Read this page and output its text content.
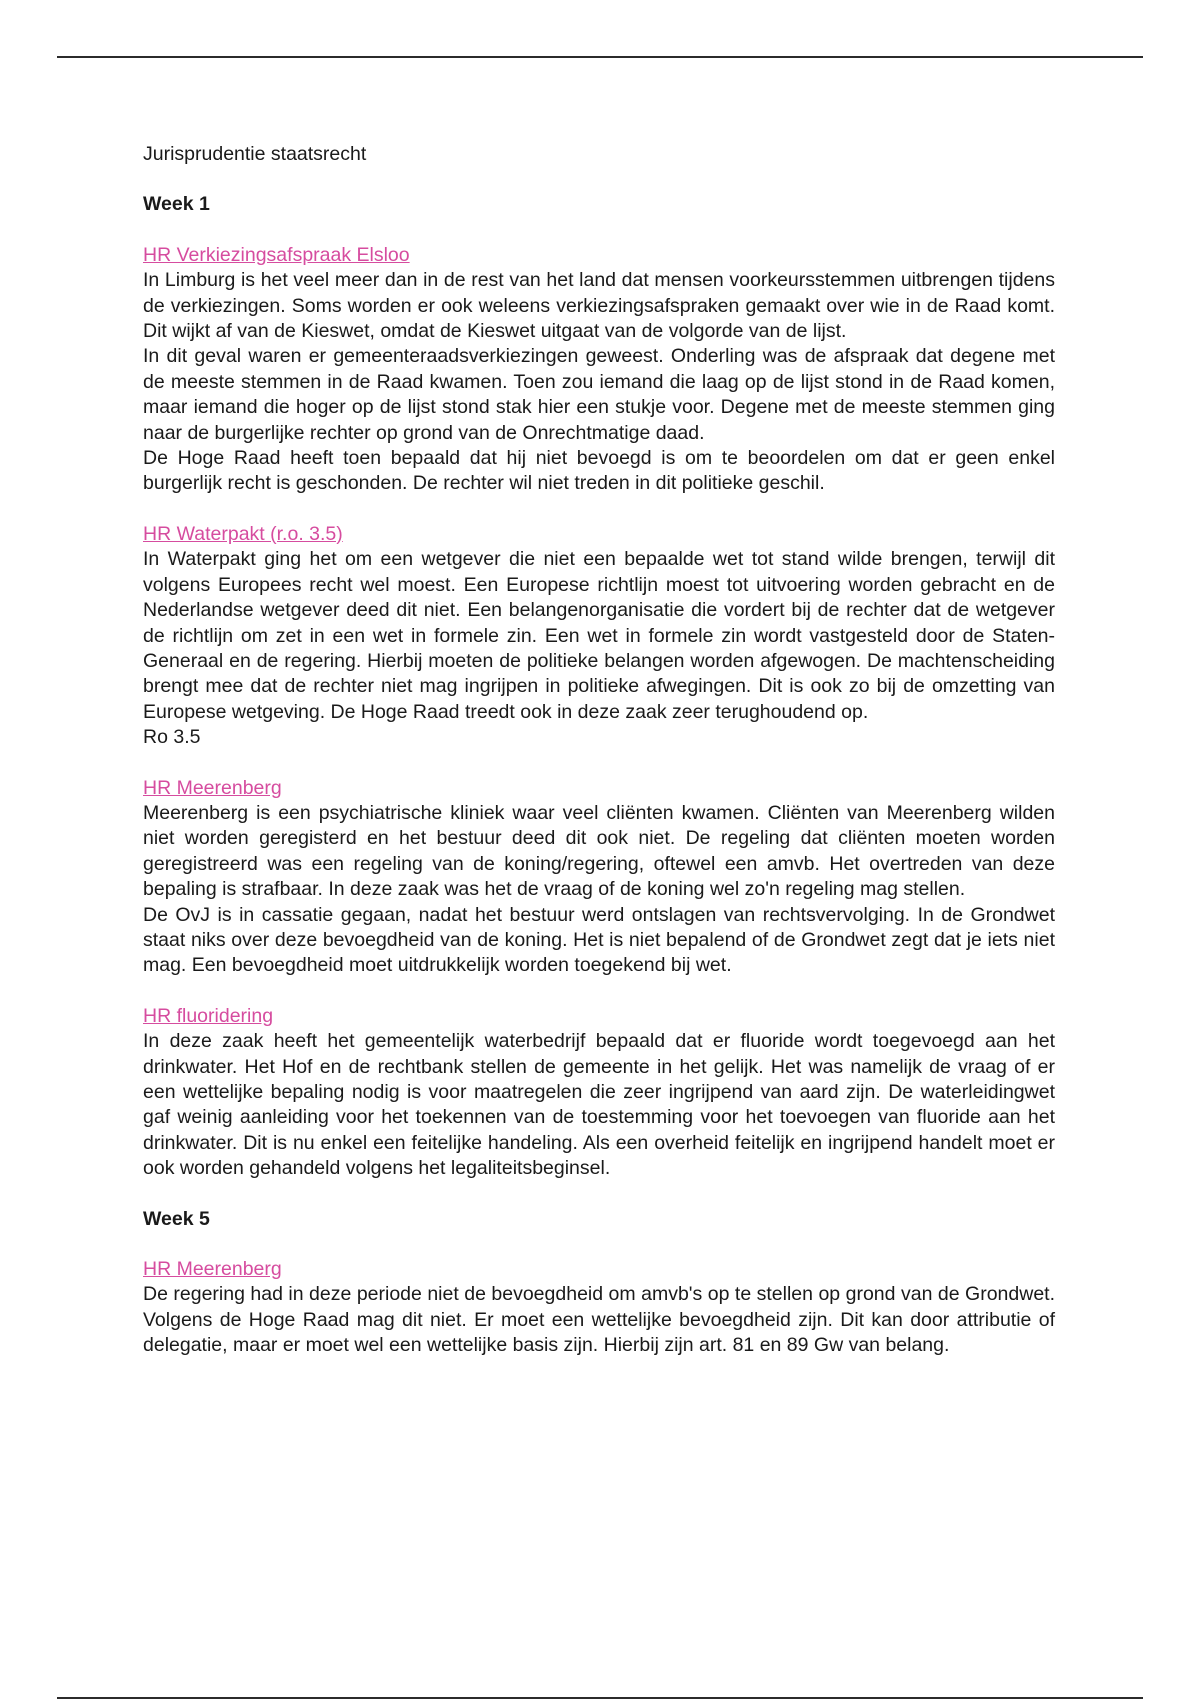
Jurisprudentie staatsrecht

Week 1

HR Verkiezingsafspraak Elsloo

In Limburg is het veel meer dan in de rest van het land dat mensen voorkeursstemmen uitbrengen tijdens de verkiezingen. Soms worden er ook weleens verkiezingsafspraken gemaakt over wie in de Raad komt. Dit wijkt af van de Kieswet, omdat de Kieswet uitgaat van de volgorde van de lijst.

In dit geval waren er gemeenteraadsverkiezingen geweest. Onderling was de afspraak dat degene met de meeste stemmen in de Raad kwamen. Toen zou iemand die laag op de lijst stond in de Raad komen, maar iemand die hoger op de lijst stond stak hier een stukje voor. Degene met de meeste stemmen ging naar de burgerlijke rechter op grond van de Onrechtmatige daad.

De Hoge Raad heeft toen bepaald dat hij niet bevoegd is om te beoordelen om dat er geen enkel burgerlijk recht is geschonden. De rechter wil niet treden in dit politieke geschil.

HR Waterpakt (r.o. 3.5)

In Waterpakt ging het om een wetgever die niet een bepaalde wet tot stand wilde brengen, terwijl dit volgens Europees recht wel moest. Een Europese richtlijn moest tot uitvoering worden gebracht en de Nederlandse wetgever deed dit niet. Een belangenorganisatie die vordert bij de rechter dat de wetgever de richtlijn om zet in een wet in formele zin. Een wet in formele zin wordt vastgesteld door de Staten-Generaal en de regering. Hierbij moeten de politieke belangen worden afgewogen. De machtenscheiding brengt mee dat de rechter niet mag ingrijpen in politieke afwegingen. Dit is ook zo bij de omzetting van Europese wetgeving. De Hoge Raad treedt ook in deze zaak zeer terughoudend op.

Ro 3.5

HR Meerenberg

Meerenberg is een psychiatrische kliniek waar veel cliënten kwamen. Cliënten van Meerenberg wilden niet worden geregisterd en het bestuur deed dit ook niet. De regeling dat cliënten moeten worden geregistreerd was een regeling van de koning/regering, oftewel een amvb. Het overtreden van deze bepaling is strafbaar. In deze zaak was het de vraag of de koning wel zo'n regeling mag stellen.

De OvJ is in cassatie gegaan, nadat het bestuur werd ontslagen van rechtsvervolging. In de Grondwet staat niks over deze bevoegdheid van de koning. Het is niet bepalend of de Grondwet zegt dat je iets niet mag. Een bevoegdheid moet uitdrukkelijk worden toegekend bij wet.

HR fluoridering

In deze zaak heeft het gemeentelijk waterbedrijf bepaald dat er fluoride wordt toegevoegd aan het drinkwater. Het Hof en de rechtbank stellen de gemeente in het gelijk. Het was namelijk de vraag of er een wettelijke bepaling nodig is voor maatregelen die zeer ingrijpend van aard zijn. De waterleidingwet gaf weinig aanleiding voor het toekennen van de toestemming voor het toevoegen van fluoride aan het drinkwater. Dit is nu enkel een feitelijke handeling. Als een overheid feitelijk en ingrijpend handelt moet er ook worden gehandeld volgens het legaliteitsbeginsel.

Week 5

HR Meerenberg

De regering had in deze periode niet de bevoegdheid om amvb's op te stellen op grond van de Grondwet. Volgens de Hoge Raad mag dit niet. Er moet een wettelijke bevoegdheid zijn. Dit kan door attributie of delegatie, maar er moet wel een wettelijke basis zijn. Hierbij zijn art. 81 en 89 Gw van belang.
